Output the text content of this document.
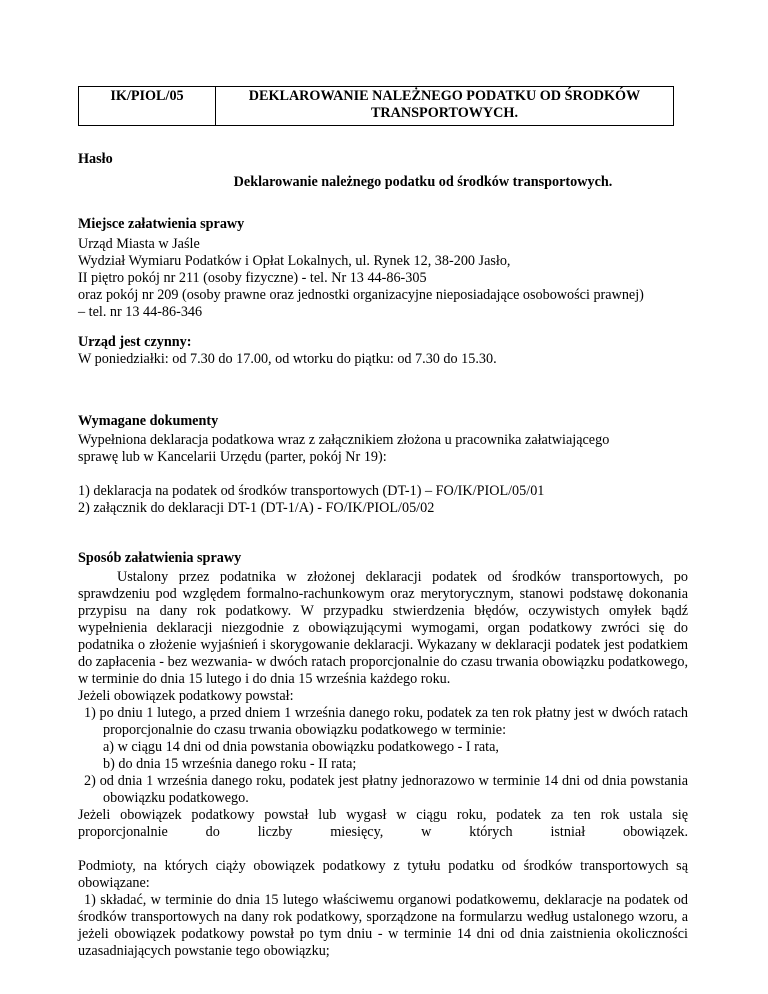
IK/PIOL/05	DEKLAROWANIE NALEŻNEGO PODATKU OD ŚRODKÓW TRANSPORTOWYCH.
Hasło
Deklarowanie należnego podatku od środków transportowych.
Miejsce załatwienia sprawy
Urząd Miasta w Jaśle
Wydział Wymiaru Podatków i Opłat Lokalnych, ul. Rynek 12, 38-200 Jasło,
II piętro pokój nr 211 (osoby fizyczne) - tel. Nr 13 44-86-305
oraz pokój nr 209 (osoby prawne oraz jednostki organizacyjne nieposiadające osobowości prawnej)
– tel. nr 13 44-86-346
Urząd jest czynny:
W poniedziałki: od 7.30 do 17.00, od wtorku do piątku: od 7.30 do 15.30.
Wymagane dokumenty
Wypełniona deklaracja podatkowa wraz z załącznikiem złożona u pracownika załatwiającego sprawę lub w Kancelarii Urzędu (parter, pokój Nr 19):
1) deklaracja na podatek od środków transportowych (DT-1) – FO/IK/PIOL/05/01
2) załącznik do deklaracji DT-1 (DT-1/A) - FO/IK/PIOL/05/02
Sposób załatwienia sprawy
Ustalony przez podatnika w złożonej deklaracji podatek od środków transportowych, po sprawdzeniu pod względem formalno-rachunkowym oraz merytorycznym, stanowi podstawę dokonania przypisu na dany rok podatkowy. W przypadku stwierdzenia błędów, oczywistych omyłek bądź wypełnienia deklaracji niezgodnie z obowiązującymi wymogami, organ podatkowy zwróci się do podatnika o złożenie wyjaśnień i skorygowanie deklaracji. Wykazany w deklaracji podatek jest podatkiem do zapłacenia - bez wezwania- w dwóch ratach proporcjonalnie do czasu trwania obowiązku podatkowego, w terminie do dnia 15 lutego i do dnia 15 września każdego roku.
Jeżeli obowiązek podatkowy powstał:
1) po dniu 1 lutego, a przed dniem 1 września danego roku, podatek za ten rok płatny jest w dwóch ratach proporcjonalnie do czasu trwania obowiązku podatkowego w terminie:
a) w ciągu 14 dni od dnia powstania obowiązku podatkowego - I rata,
b) do dnia 15 września danego roku - II rata;
2) od dnia 1 września danego roku, podatek jest płatny jednorazowo w terminie 14 dni od dnia powstania obowiązku podatkowego.
Jeżeli obowiązek podatkowy powstał lub wygasł w ciągu roku, podatek za ten rok ustala się proporcjonalnie do liczby miesięcy, w których istniał obowiązek.
Podmioty, na których ciąży obowiązek podatkowy z tytułu podatku od środków transportowych są obowiązane:
1) składać, w terminie do dnia 15 lutego właściwemu organowi podatkowemu, deklaracje na podatek od środków transportowych na dany rok podatkowy, sporządzone na formularzu według ustalonego wzoru, a jeżeli obowiązek podatkowy powstał po tym dniu - w terminie 14 dni od dnia zaistnienia okoliczności uzasadniających powstanie tego obowiązku;
